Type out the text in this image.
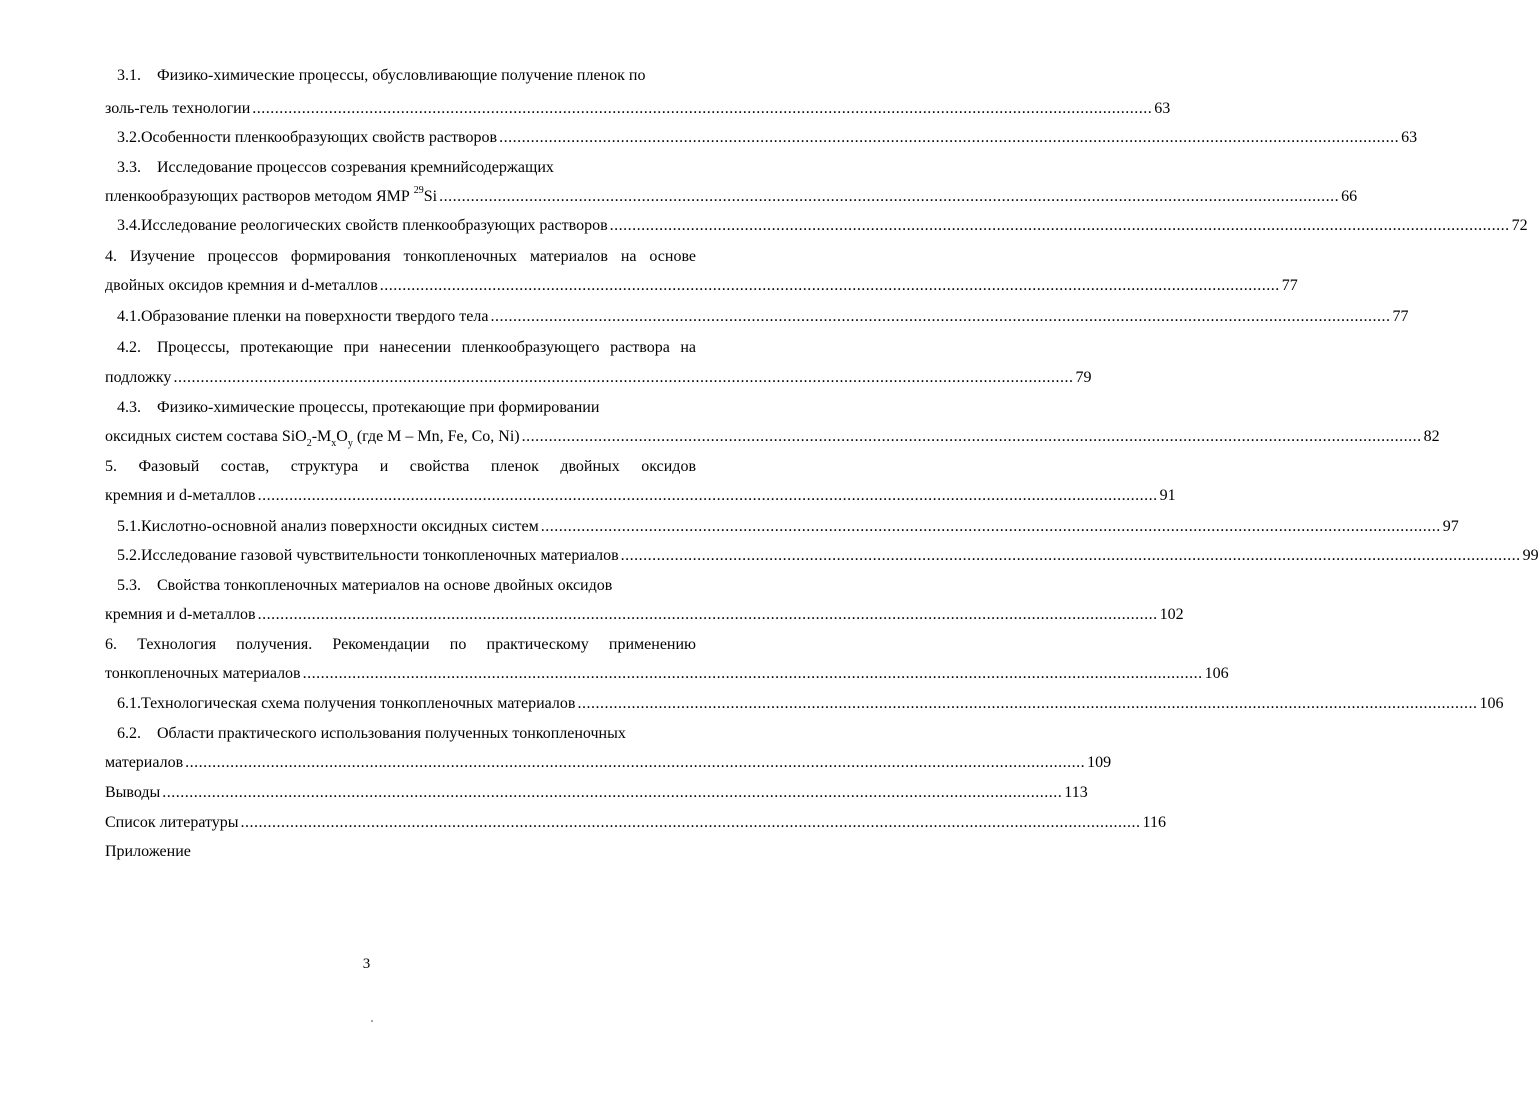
3.1. Физико-химические процессы, обусловливающие получение пленок по
золь-гель технологии ........................................................................................................................................................................................................ 63
3.2. Особенности пленкообразующих свойств растворов ........................................................................................................................................................................................................ 63
3.3. Исследование процессов созревания кремнийсодержащих
пленкообразующих растворов методом ЯМР $^{29}$Si ........................................................................................................................................................................................................ 66
3.4. Исследование реологических свойств пленкообразующих растворов ........................................................................................................................................................................................................ 72
4. Изучение процессов формирования тонкопленочных материалов на основе
двойных оксидов кремния и d-металлов ........................................................................................................................................................................................................ 77
4.1. Образование пленки на поверхности твердого тела ........................................................................................................................................................................................................ 77
4.2. Процессы, протекающие при нанесении пленкообразующего раствора на
подложку ........................................................................................................................................................................................................ 79
4.3. Физико-химические процессы, протекающие при формировании
оксидных систем состава $SiO_2-M_xO_y$ (где M – Mn, Fe, Co, Ni) ........................................................................................................................................................................................................ 82
5. Фазовый состав, структура и свойства пленок двойных оксидов
кремния и d-металлов ........................................................................................................................................................................................................ 91
5.1. Кислотно-основной анализ поверхности оксидных систем ........................................................................................................................................................................................................ 97
5.2. Исследование газовой чувствительности тонкопленочных материалов ........................................................................................................................................................................................................ 99
5.3. Свойства тонкопленочных материалов на основе двойных оксидов
кремния и d-металлов ........................................................................................................................................................................................................ 102
6. Технология получения. Рекомендации по практическому применению
тонкопленочных материалов ........................................................................................................................................................................................................ 106
6.1. Технологическая схема получения тонкопленочных материалов ........................................................................................................................................................................................................ 106
6.2. Области практического использования полученных тонкопленочных
материалов ........................................................................................................................................................................................................ 109
Выводы ........................................................................................................................................................................................................ 113
Список литературы ........................................................................................................................................................................................................ 116
Приложение
3
